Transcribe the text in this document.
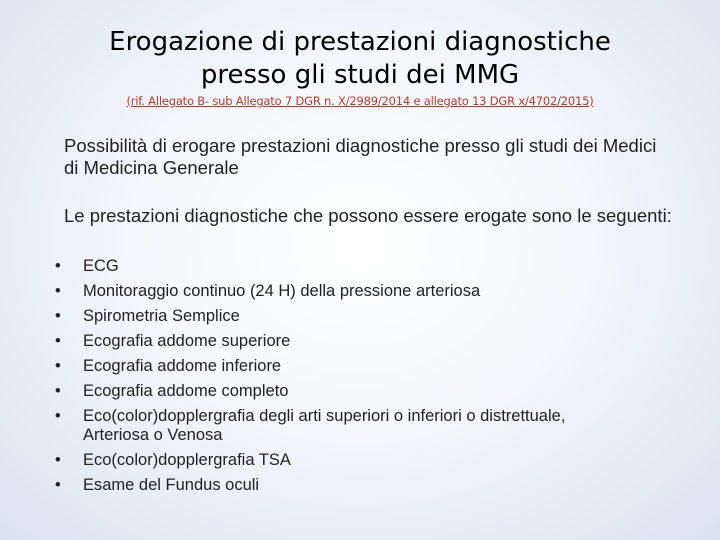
Erogazione di prestazioni diagnostiche
presso gli studi dei MMG
(rif. Allegato B- sub Allegato 7 DGR n. X/2989/2014 e allegato 13 DGR x/4702/2015)
Possibilità di erogare prestazioni diagnostiche presso gli studi dei Medici di Medicina Generale
Le prestazioni diagnostiche che possono essere erogate sono le seguenti:
• ECG
• Monitoraggio continuo (24 H) della pressione arteriosa
• Spirometria Semplice
• Ecografia addome superiore
• Ecografia addome inferiore
• Ecografia addome completo
• Eco(color)dopplergrafia degli arti superiori o inferiori o distrettuale,
Arteriosa o Venosa
• Eco(color)dopplergrafia TSA
• Esame del Fundus oculi
